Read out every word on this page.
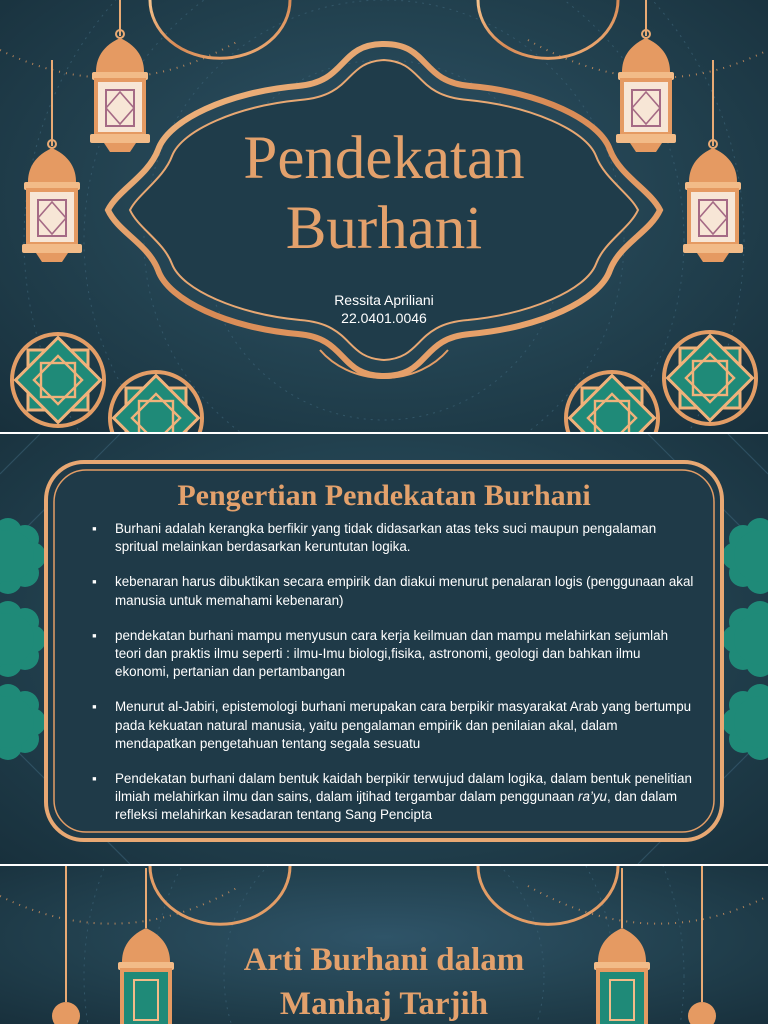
Pendekatan
Burhani
Ressita Apriliani
22.0401.0046
Pengertian Pendekatan Burhani
▪ Burhani adalah kerangka berfikir yang tidak didasarkan atas teks suci maupun pengalaman spritual melainkan berdasarkan keruntutan logika.
▪ kebenaran harus dibuktikan secara empirik dan diakui menurut penalaran logis (penggunaan akal manusia untuk memahami kebenaran)
▪ pendekatan burhani mampu menyusun cara kerja keilmuan dan mampu melahirkan sejumlah teori dan praktis ilmu seperti : ilmu-Imu biologi,fisika, astronomi, geologi dan bahkan ilmu ekonomi, pertanian dan pertambangan
▪ Menurut al-Jabiri, epistemologi burhani merupakan cara berpikir masyarakat Arab yang bertumpu pada kekuatan natural manusia, yaitu pengalaman empirik dan penilaian akal, dalam mendapatkan pengetahuan tentang segala sesuatu
▪ Pendekatan burhani dalam bentuk kaidah berpikir terwujud dalam logika, dalam bentuk penelitian ilmiah melahirkan ilmu dan sains, dalam ijtihad tergambar dalam penggunaan ra’yu, dan dalam refleksi melahirkan kesadaran tentang Sang Pencipta
Arti Burhani dalam
Manhaj Tarjih
